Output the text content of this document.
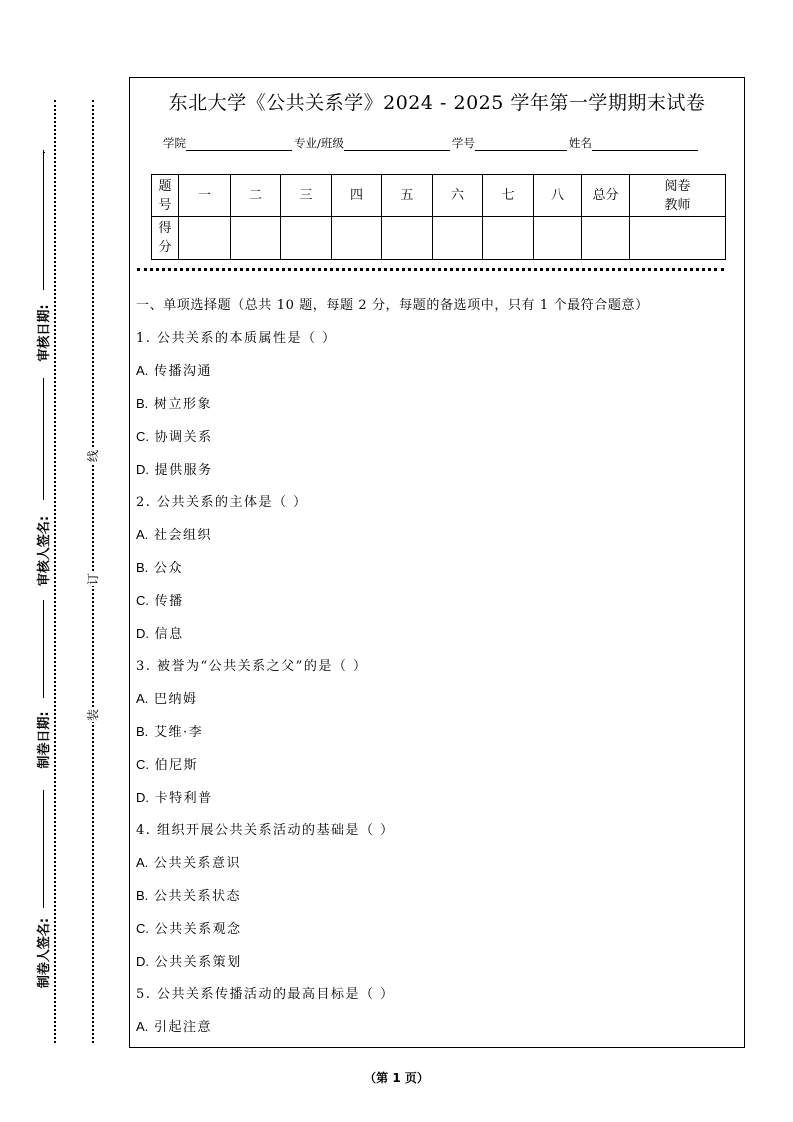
审核日期:
审核人签名:
制卷日期:
制卷人签名:
线
订
装
东北大学《公共关系学》2024 - 2025 学年第一学期期末试卷
学院	专业/班级	学号	姓名
题号	一	二	三	四	五	六	七	八	总分	阅卷教师
得分										
一、单项选择题（总共 10 题，每题 2 分，每题的备选项中，只有 1 个最符合题意）
1. 公共关系的本质属性是（ ）
A. 传播沟通
B. 树立形象
C. 协调关系
D. 提供服务
2. 公共关系的主体是（ ）
A. 社会组织
B. 公众
C. 传播
D. 信息
3. 被誉为“公共关系之父”的是（ ）
A. 巴纳姆
B. 艾维·李
C. 伯尼斯
D. 卡特利普
4. 组织开展公共关系活动的基础是（ ）
A. 公共关系意识
B. 公共关系状态
C. 公共关系观念
D. 公共关系策划
5. 公共关系传播活动的最高目标是（ ）
A. 引起注意
（第 1 页）
